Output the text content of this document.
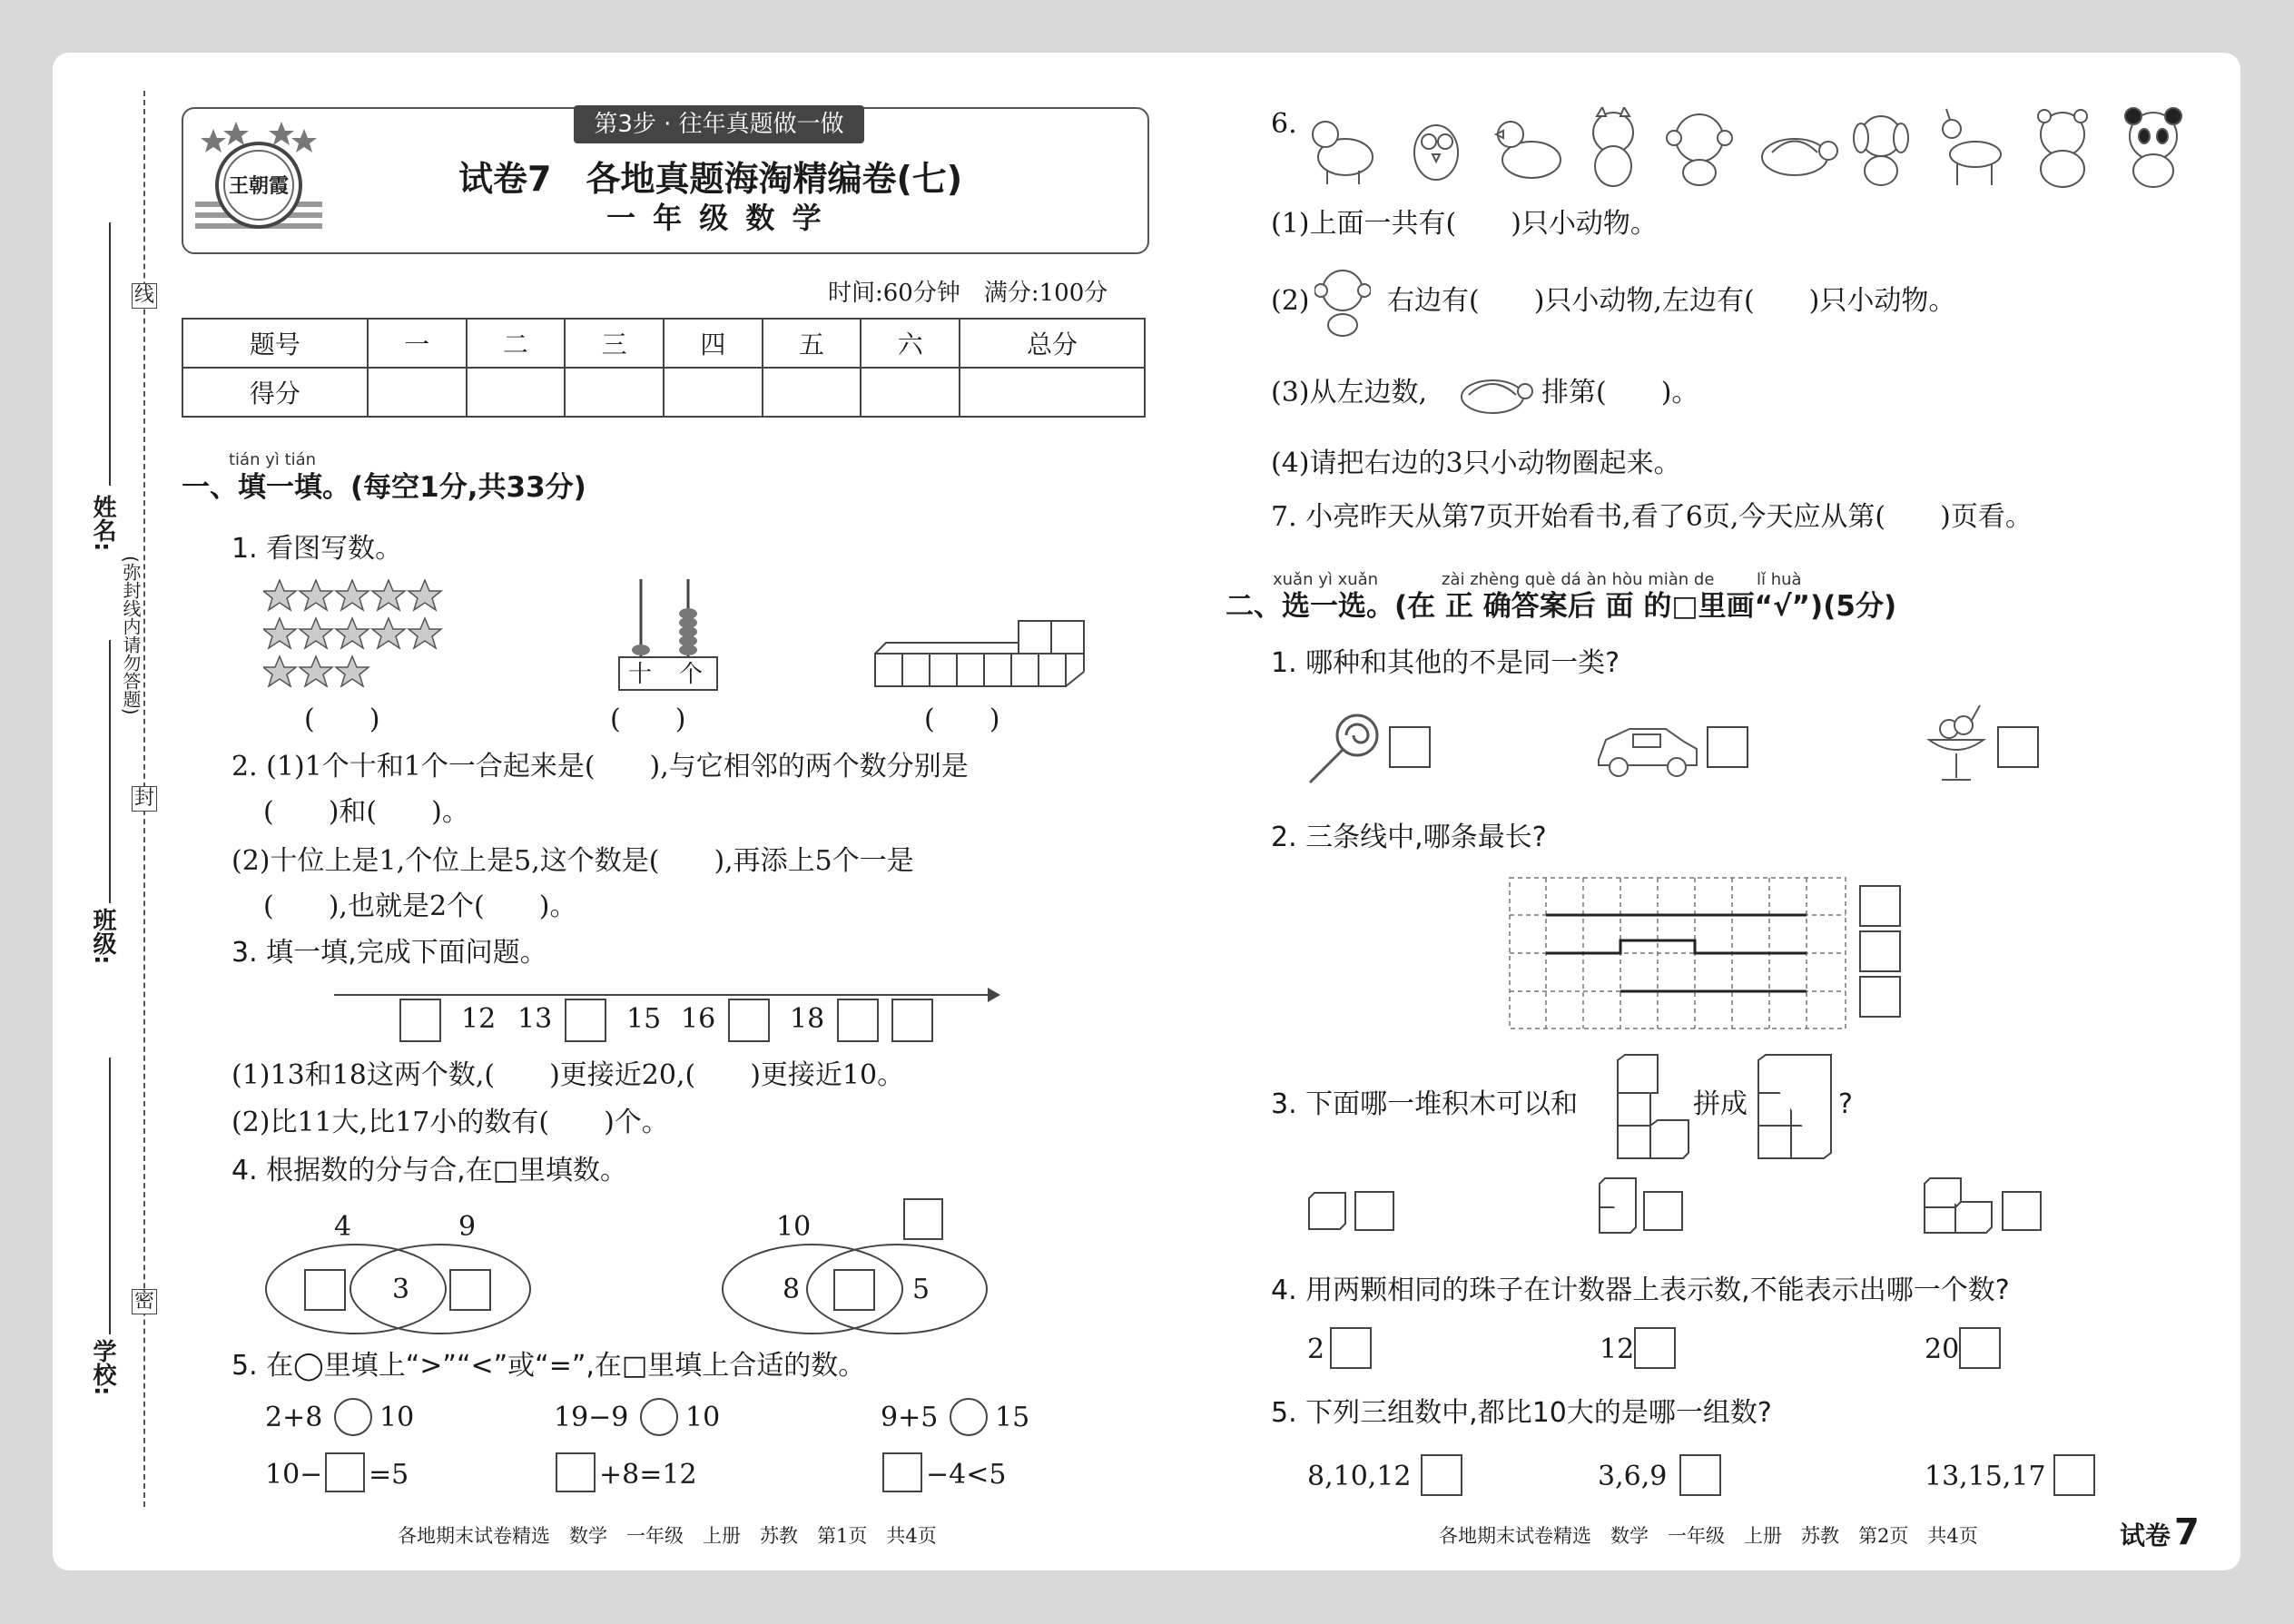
线
封
密
(弥封线内请勿答题)
姓名:
班级:
学校:
第3步 · 往年真题做一做
王朝霞	试卷7　各地真题海淘精编卷(七)
一 年 级 数 学
时间:60分钟　满分:100分
题号	一	二	三	四	五	六	总分
得分							
tián yì tián
一、填一填。(每空1分,共33分)
1. 看图写数。
十 个
(　　)	(　　)	(　　)
2. (1)1个十和1个一合起来是(　　),与它相邻的两个数分别是
(　　)和(　　)。
(2)十位上是1,个位上是5,这个数是(　　),再添上5个一是
(　　),也就是2个(　　)。
3. 填一填,完成下面问题。
12 13	15 16	18
(1)13和18这两个数,(　　)更接近20,(　　)更接近10。
(2)比11大,比17小的数有(　　)个。
4. 根据数的分与合,在□里填数。
4	9
3
10
8	5
5. 在◯里填上“>”“<”或“=”,在□里填上合适的数。
2+8 10	19−9 10	9+5 15
10− =5	+8=12	−4<5
各地期末试卷精选　数学　一年级　上册　苏教　第1页　共4页
6.
(1)上面一共有(　　)只小动物。
(2)	右边有(　　)只小动物,左边有(　　)只小动物。
(3)从左边数,	排第(　　)。
(4)请把右边的3只小动物圈起来。
7. 小亮昨天从第7页开始看书,看了6页,今天应从第(　　)页看。
xuǎn yì xuǎn	zài zhèng què dá àn hòu miàn de	lǐ huà
二、选一选。(在 正 确答案后 面 的□里画“√”)(5分)
1. 哪种和其他的不是同一类?
2. 三条线中,哪条最长?
3. 下面哪一堆积木可以和	拼成	?
4. 用两颗相同的珠子在计数器上表示数,不能表示出哪一个数?
2	12	20
5. 下列三组数中,都比10大的是哪一组数?
8,10,12	3,6,9	13,15,17
各地期末试卷精选　数学　一年级　上册　苏教　第2页　共4页	试卷 7
